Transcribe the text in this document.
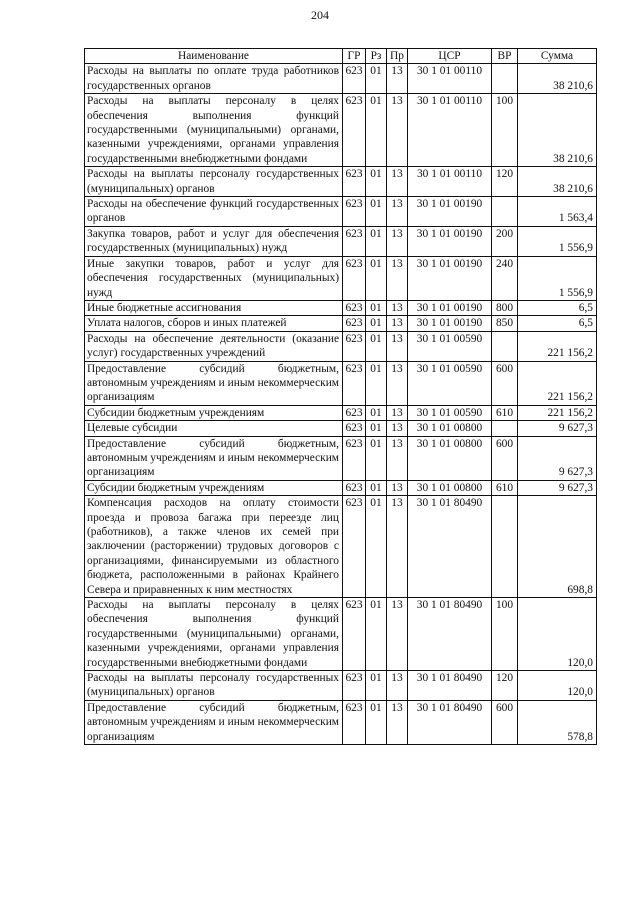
204
Наименование	ГР	Рз	Пр	ЦСР	ВР	Сумма
Расходы на выплаты по оплате труда работников государственных органов	623	01	13	30 1 01 00110		38 210,6
Расходы на выплаты персоналу в целях обеспечения выполнения функций государственными (муниципальными) органами, казенными учреждениями, органами управления государственными внебюджетными фондами	623	01	13	30 1 01 00110	100	38 210,6
Расходы на выплаты персоналу государственных (муниципальных) органов	623	01	13	30 1 01 00110	120	38 210,6
Расходы на обеспечение функций государственных органов	623	01	13	30 1 01 00190		1 563,4
Закупка товаров, работ и услуг для обеспечения государственных (муниципальных) нужд	623	01	13	30 1 01 00190	200	1 556,9
Иные закупки товаров, работ и услуг для обеспечения государственных (муниципальных) нужд	623	01	13	30 1 01 00190	240	1 556,9
Иные бюджетные ассигнования	623	01	13	30 1 01 00190	800	6,5
Уплата налогов, сборов и иных платежей	623	01	13	30 1 01 00190	850	6,5
Расходы на обеспечение деятельности (оказание услуг) государственных учреждений	623	01	13	30 1 01 00590		221 156,2
Предоставление субсидий бюджетным, автономным учреждениям и иным некоммерческим организациям	623	01	13	30 1 01 00590	600	221 156,2
Субсидии бюджетным учреждениям	623	01	13	30 1 01 00590	610	221 156,2
Целевые субсидии	623	01	13	30 1 01 00800		9 627,3
Предоставление субсидий бюджетным, автономным учреждениям и иным некоммерческим организациям	623	01	13	30 1 01 00800	600	9 627,3
Субсидии бюджетным учреждениям	623	01	13	30 1 01 00800	610	9 627,3
Компенсация расходов на оплату стоимости проезда и провоза багажа при переезде лиц (работников), а также членов их семей при заключении (расторжении) трудовых договоров с организациями, финансируемыми из областного бюджета, расположенными в районах Крайнего Севера и приравненных к ним местностях	623	01	13	30 1 01 80490		698,8
Расходы на выплаты персоналу в целях обеспечения выполнения функций государственными (муниципальными) органами, казенными учреждениями, органами управления государственными внебюджетными фондами	623	01	13	30 1 01 80490	100	120,0
Расходы на выплаты персоналу государственных (муниципальных) органов	623	01	13	30 1 01 80490	120	120,0
Предоставление субсидий бюджетным, автономным учреждениям и иным некоммерческим организациям	623	01	13	30 1 01 80490	600	578,8
